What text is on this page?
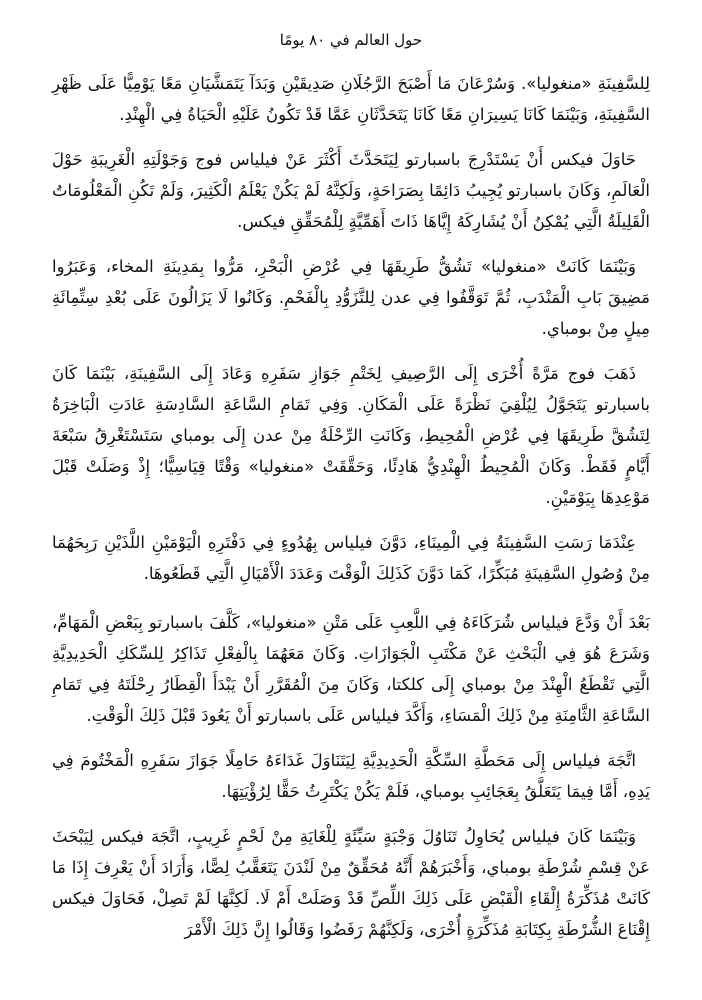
حول العالم في ٨٠ يومًا

لِلسَّفِينَةِ «منغوليا». وَسُرْعَانَ مَا أَصْبَحَ الرَّجُلَانِ صَدِيقَيْنِ وَبَدَآ يَتَمَشَّيَانِ مَعًا يَوْمِيًّا عَلَى ظَهْرِ السَّفِينَةِ، وَبَيْنَمَا كَانَا يَسِيرَانِ مَعًا كَانَا يَتَحَدَّثَانِ عَمَّا قَدْ تَكُونُ عَلَيْهِ الْحَيَاةُ فِي الْهِنْدِ.

حَاوَلَ فيكس أَنْ يَسْتَدْرِجَ باسبارتو لِيَتَحَدَّثَ أَكْثَرَ عَنْ فيلياس فوج وَجَوْلَتِهِ الْغَرِيبَةِ حَوْلَ الْعَالَمِ، وَكَانَ باسبارتو يُجِيبُ دَائِمًا بِصَرَاحَةٍ، وَلَكِنَّهُ لَمْ يَكُنْ يَعْلَمُ الْكَثِيرَ، وَلَمْ تَكُنِ الْمَعْلُومَاتُ الْقَلِيلَةُ الَّتِي يُمْكِنُ أَنْ يُشَارِكَهُ إِيَّاهَا ذَاتَ أَهَمِّيَّةٍ لِلْمُحَقِّقِ فيكس.

وَبَيْنَمَا كَانَتْ «منغوليا» تَشُقُّ طَرِيقَهَا فِي عُرْضِ الْبَحْرِ، مَرُّوا بِمَدِينَةِ المخاء، وَعَبَرُوا مَضِيقَ بَابِ الْمَنْدَبِ، ثُمَّ تَوَقَّفُوا فِي عدن لِلتَّزَوُّدِ بِالْفَحْمِ. وَكَانُوا لَا يَزَالُونَ عَلَى بُعْدِ سِتِّمِائَةِ مِيلٍ مِنْ بومباي.

ذَهَبَ فوج مَرَّةً أُخْرَى إِلَى الرَّصِيفِ لِخَتْمِ جَوَازِ سَفَرِهِ وَعَادَ إِلَى السَّفِينَةِ، بَيْنَمَا كَانَ باسبارتو يَتَجَوَّلُ لِيُلْقِيَ نَظْرَةً عَلَى الْمَكَانِ. وَفِي تَمَامِ السَّاعَةِ السَّادِسَةِ عَادَتِ الْبَاخِرَةُ لِتَشُقَّ طَرِيقَهَا فِي عُرْضِ الْمُحِيطِ، وَكَانَتِ الرِّحْلَةُ مِنْ عدن إِلَى بومباي سَتَسْتَغْرِقُ سَبْعَةَ أَيَّامٍ فَقَطْ. وَكَانَ الْمُحِيطُ الْهِنْدِيُّ هَادِئًا، وَحَقَّقَتْ «منغوليا» وَقْتًا قِيَاسِيًّا؛ إِذْ وَصَلَتْ قَبْلَ مَوْعِدِهَا بِيَوْمَيْنِ.

عِنْدَمَا رَسَتِ السَّفِينَةُ فِي الْمِينَاءِ، دَوَّنَ فيلياس بِهُدُوءٍ فِي دَفْتَرِهِ الْيَوْمَيْنِ اللَّذَيْنِ رَبِحَهُمَا مِنْ وُصُولِ السَّفِينَةِ مُبَكِّرًا، كَمَا دَوَّنَ كَذَلِكَ الْوَقْتَ وَعَدَدَ الْأَمْيَالِ الَّتِي قَطَعُوهَا.

بَعْدَ أَنْ وَدَّعَ فيلياس شُرَكَاءَهُ فِي اللَّعِبِ عَلَى مَتْنِ «منغوليا»، كَلَّفَ باسبارتو بِبَعْضِ الْمَهَامِّ، وَشَرَعَ هُوَ فِي الْبَحْثِ عَنْ مَكْتَبِ الْجَوَازَاتِ. وَكَانَ مَعَهُمَا بِالْفِعْلِ تَذَاكِرُ لِلسِّكَكِ الْحَدِيدِيَّةِ الَّتِي تَقْطَعُ الْهِنْدَ مِنْ بومباي إِلَى كلكتا، وَكَانَ مِنَ الْمُقَرَّرِ أَنْ يَبْدَأَ الْقِطَارُ رِحْلَتَهُ فِي تَمَامِ السَّاعَةِ الثَّامِنَةِ مِنْ ذَلِكَ الْمَسَاءِ، وَأَكَّدَ فيلياس عَلَى باسبارتو أَنْ يَعُودَ قَبْلَ ذَلِكَ الْوَقْتِ.

اتَّجَهَ فيلياس إِلَى مَحَطَّةِ السِّكَّةِ الْحَدِيدِيَّةِ لِيَتَنَاوَلَ غَدَاءَهُ حَامِلًا جَوَازَ سَفَرِهِ الْمَخْتُومَ فِي يَدِهِ، أَمَّا فِيمَا يَتَعَلَّقُ بِعَجَائِبِ بومباي، فَلَمْ يَكُنْ يَكْتَرِثُ حَقًّا لِرُؤْيَتِهَا.

وَبَيْنَمَا كَانَ فيلياس يُحَاوِلُ تَنَاوُلَ وَجْبَةٍ سَيِّئَةٍ لِلْغَايَةِ مِنْ لَحْمٍ غَرِيبٍ، اتَّجَهَ فيكس لِيَبْحَثَ عَنْ قِسْمِ شُرْطَةِ بومباي، وَأَخْبَرَهُمْ أَنَّهُ مُحَقِّقٌ مِنْ لَنْدَنَ يَتَعَقَّبُ لِصًّا، وَأَرَادَ أَنْ يَعْرِفَ إِذَا مَا كَانَتْ مُذَكِّرَةُ إِلْقَاءِ الْقَبْضِ عَلَى ذَلِكَ اللِّصِّ قَدْ وَصَلَتْ أَمْ لَا. لَكِنَّهَا لَمْ تَصِلْ، فَحَاوَلَ فيكس إِقْنَاعَ الشُّرْطَةِ بِكِتَابَةِ مُذَكِّرَةٍ أُخْرَى، وَلَكِنَّهُمْ رَفَضُوا وَقَالُوا إِنَّ ذَلِكَ الْأَمْرَ
